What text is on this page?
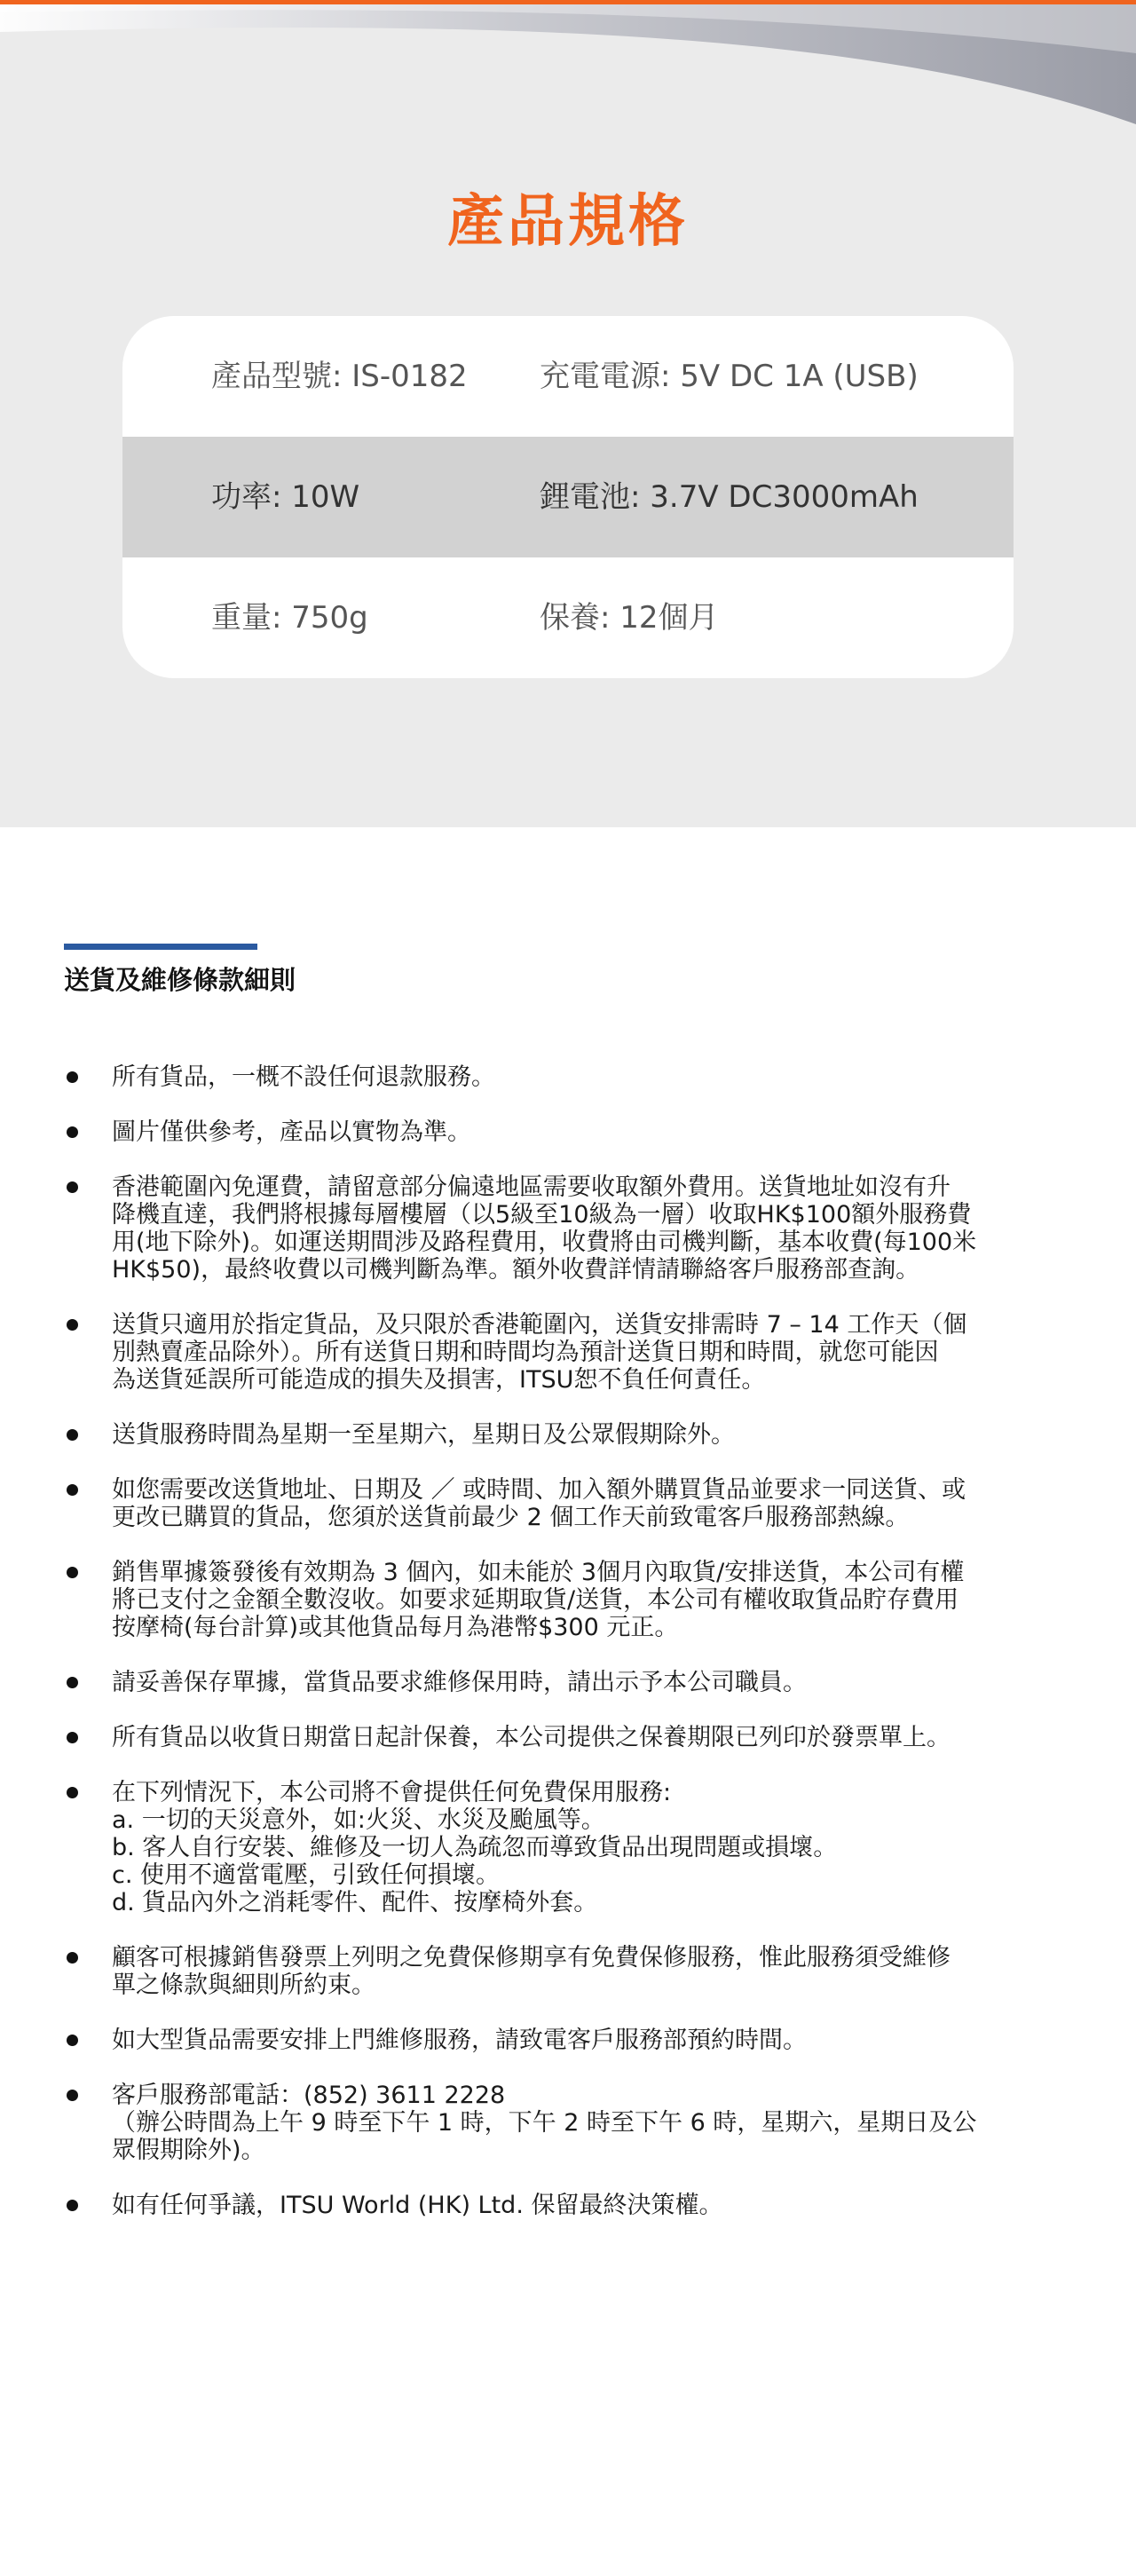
產品規格
產品型號: IS-0182 充電電源: 5V DC 1A (USB)
功率: 10W	鋰電池: 3.7V DC3000mAh
重量: 750g	保養: 12個月
送貨及維修條款細則
所有貨品，一概不設任何退款服務。
圖片僅供參考，產品以實物為準。
香港範圍內免運費，請留意部分偏遠地區需要收取額外費用。送貨地址如沒有升
降機直達，我們將根據每層樓層（以5級至10級為一層）收取HK$100額外服務費
用(地下除外)。如運送期間涉及路程費用，收費將由司機判斷，基本收費(每100米
HK$50)，最終收費以司機判斷為準。額外收費詳情請聯絡客戶服務部查詢。
送貨只適用於指定貨品，及只限於香港範圍內，送貨安排需時 7 – 14 工作天（個
別熱賣產品除外）。所有送貨日期和時間均為預計送貨日期和時間，就您可能因
為送貨延誤所可能造成的損失及損害，ITSU恕不負任何責任。
送貨服務時間為星期一至星期六，星期日及公眾假期除外。
如您需要改送貨地址、日期及 ／ 或時間、加入額外購買貨品並要求一同送貨、或
更改已購買的貨品，您須於送貨前最少 2 個工作天前致電客戶服務部熱線。
銷售單據簽發後有效期為 3 個內，如未能於 3個月內取貨/安排送貨，本公司有權
將已支付之金額全數沒收。如要求延期取貨/送貨，本公司有權收取貨品貯存費用
按摩椅(每台計算)或其他貨品每月為港幣$300 元正。
請妥善保存單據，當貨品要求維修保用時，請出示予本公司職員。
所有貨品以收貨日期當日起計保養，本公司提供之保養期限已列印於發票單上。
在下列情況下，本公司將不會提供任何免費保用服務:
a. 一切的天災意外，如:火災、水災及颱風等。
b. 客人自行安裝、維修及一切人為疏忽而導致貨品出現問題或損壞。
c. 使用不適當電壓，引致任何損壞。
d. 貨品內外之消耗零件、配件、按摩椅外套。
顧客可根據銷售發票上列明之免費保修期享有免費保修服務，惟此服務須受維修
單之條款與細則所約束。
如大型貨品需要安排上門維修服務，請致電客戶服務部預約時間。
客戶服務部電話：(852) 3611 2228
（辦公時間為上午 9 時至下午 1 時，下午 2 時至下午 6 時，星期六，星期日及公
眾假期除外)。
如有任何爭議，ITSU World (HK) Ltd. 保留最終決策權。
